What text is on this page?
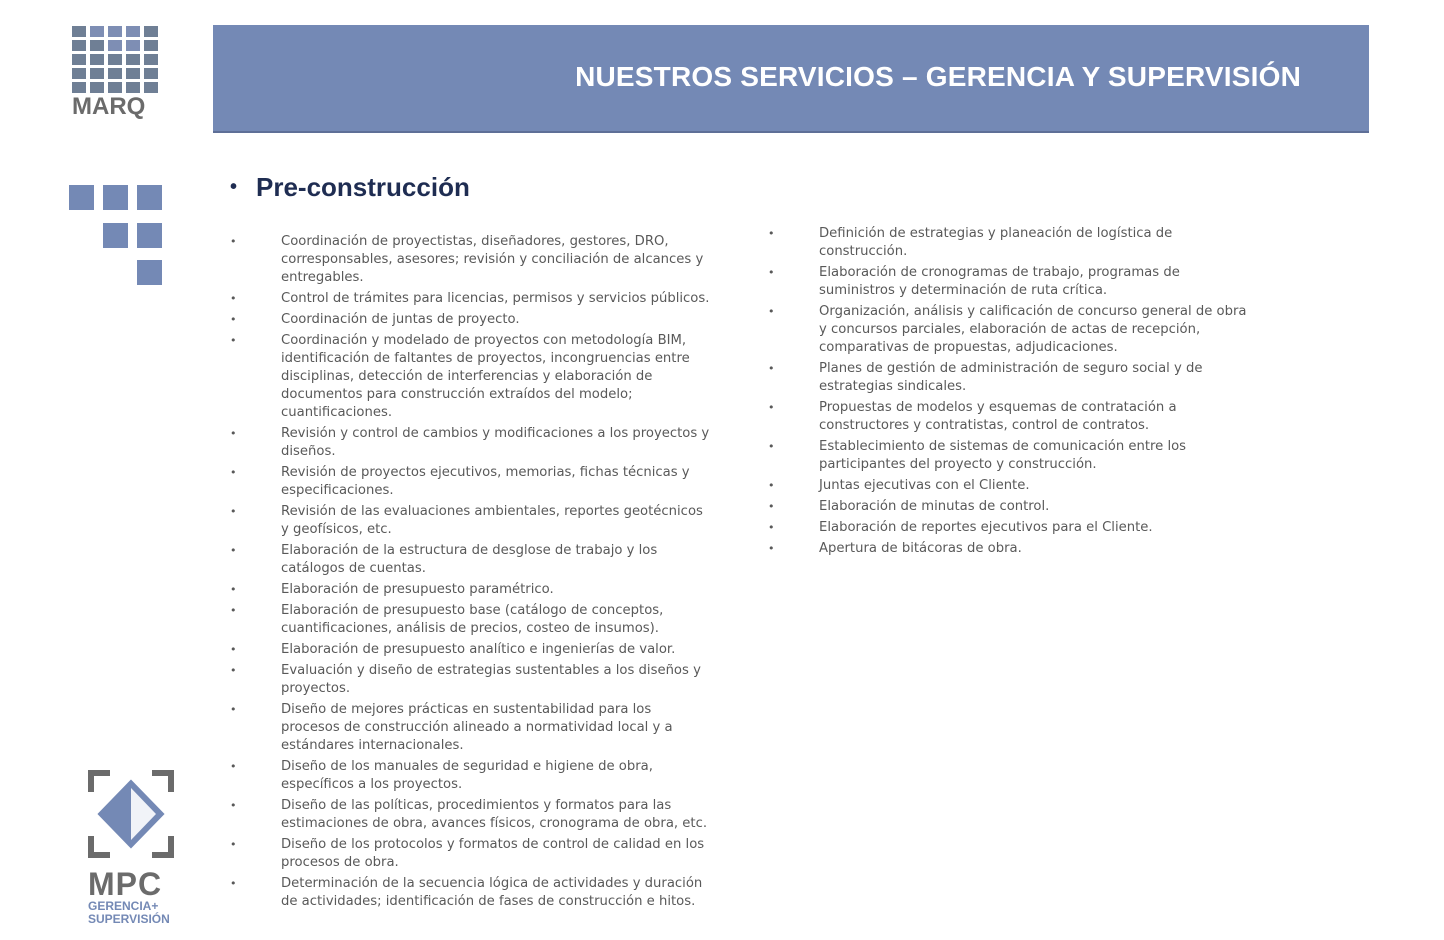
MARQ
NUESTROS SERVICIOS – GERENCIA Y SUPERVISIÓN
• Pre-construcción
•	Coordinación de proyectistas, diseñadores, gestores, DRO, corresponsables, asesores; revisión y conciliación de alcances y entregables.
•	Control de trámites para licencias, permisos y servicios públicos.
•	Coordinación de juntas de proyecto.
•	Coordinación y modelado de proyectos con metodología BIM, identificación de faltantes de proyectos, incongruencias entre disciplinas, detección de interferencias y elaboración de documentos para construcción extraídos del modelo; cuantificaciones.
•	Revisión y control de cambios y modificaciones a los proyectos y diseños.
•	Revisión de proyectos ejecutivos, memorias, fichas técnicas y especificaciones.
•	Revisión de las evaluaciones ambientales, reportes geotécnicos y geofísicos, etc.
•	Elaboración de la estructura de desglose de trabajo y los catálogos de cuentas.
•	Elaboración de presupuesto paramétrico.
•	Elaboración de presupuesto base (catálogo de conceptos, cuantificaciones, análisis de precios, costeo de insumos).
•	Elaboración de presupuesto analítico e ingenierías de valor.
•	Evaluación y diseño de estrategias sustentables a los diseños y proyectos.
•	Diseño de mejores prácticas en sustentabilidad para los procesos de construcción alineado a normatividad local y a estándares internacionales.
•	Diseño de los manuales de seguridad e higiene de obra, específicos a los proyectos.
•	Diseño de las políticas, procedimientos y formatos para las estimaciones de obra, avances físicos, cronograma de obra, etc.
•	Diseño de los protocolos y formatos de control de calidad en los procesos de obra.
•	Determinación de la secuencia lógica de actividades y duración de actividades; identificación de fases de construcción e hitos.
•	Definición de estrategias y planeación de logística de construcción.
•	Elaboración de cronogramas de trabajo, programas de suministros y determinación de ruta crítica.
•	Organización, análisis y calificación de concurso general de obra y concursos parciales, elaboración de actas de recepción, comparativas de propuestas, adjudicaciones.
•	Planes de gestión de administración de seguro social y de estrategias sindicales.
•	Propuestas de modelos y esquemas de contratación a constructores y contratistas, control de contratos.
•	Establecimiento de sistemas de comunicación entre los participantes del proyecto y construcción.
•	Juntas ejecutivas con el Cliente.
•	Elaboración de minutas de control.
•	Elaboración de reportes ejecutivos para el Cliente.
•	Apertura de bitácoras de obra.
MPC
GERENCIA+
SUPERVISIÓN
